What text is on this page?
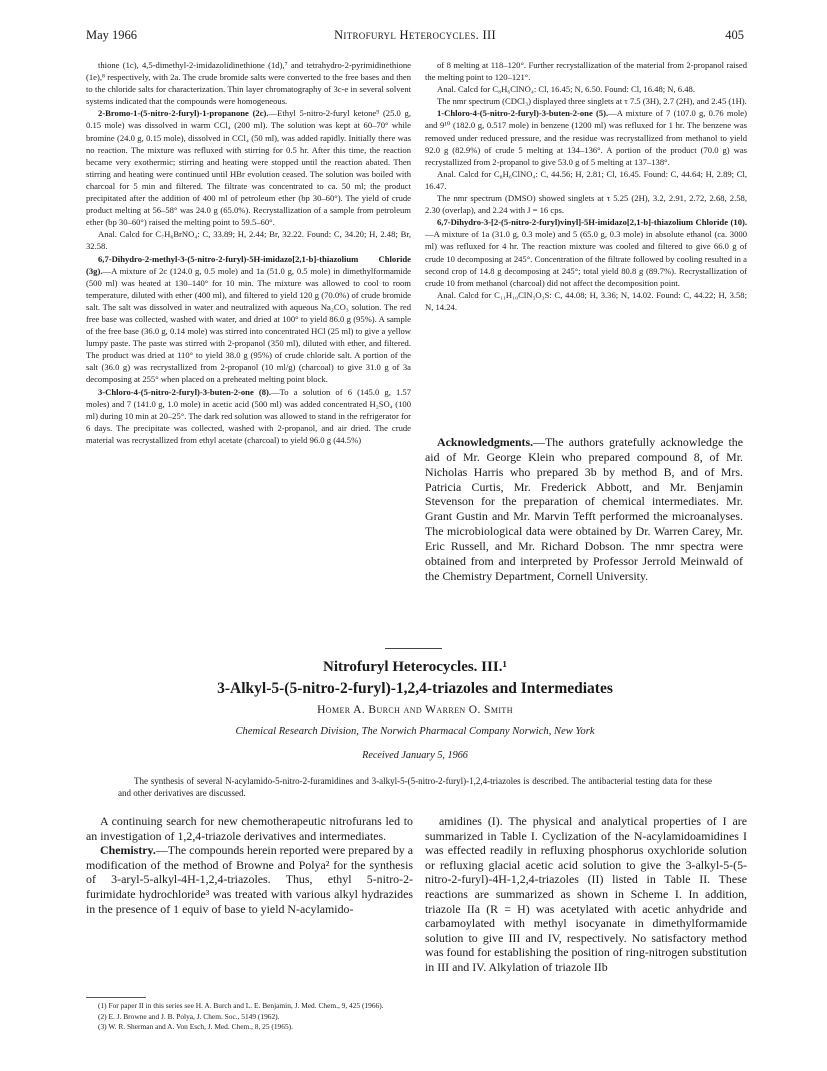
May 1966	Nitrofuryl Heterocycles. III	405

thione (1c), 4,5-dimethyl-2-imidazolidinethione (1d),⁷ and tetrahydro-2-pyrimidinethione (1e),⁸ respectively, with 2a. The crude bromide salts were converted to the free bases and then to the chloride salts for characterization. Thin layer chromatography of 3c-e in several solvent systems indicated that the compounds were homogeneous.

2-Bromo-1-(5-nitro-2-furyl)-1-propanone (2c).—Ethyl 5-nitro-2-furyl ketone⁹ (25.0 g, 0.15 mole) was dissolved in warm CCl₄ (200 ml). The solution was kept at 60–70° while bromine (24.0 g, 0.15 mole), dissolved in CCl₄ (50 ml), was added rapidly. Initially there was no reaction. The mixture was refluxed with stirring for 0.5 hr. After this time, the reaction became very exothermic; stirring and heating were stopped until the reaction abated. Then stirring and heating were continued until HBr evolution ceased. The solution was boiled with charcoal for 5 min and filtered. The filtrate was concentrated to ca. 50 ml; the product precipitated after the addition of 400 ml of petroleum ether (bp 30–60°). The yield of crude product melting at 56–58° was 24.0 g (65.0%). Recrystallization of a sample from petroleum ether (bp 30–60°) raised the melting point to 59.5–60°.

Anal. Calcd for C₇H₆BrNO₄: C, 33.89; H, 2.44; Br, 32.22. Found: C, 34.20; H, 2.48; Br, 32.58.

6,7-Dihydro-2-methyl-3-(5-nitro-2-furyl)-5H-imidazo[2,1-b]-thiazolium Chloride (3g).—A mixture of 2c (124.0 g, 0.5 mole) and 1a (51.0 g, 0.5 mole) in dimethylformamide (500 ml) was heated at 130–140° for 10 min. The mixture was allowed to cool to room temperature, diluted with ether (400 ml), and filtered to yield 120 g (70.0%) of crude bromide salt. The salt was dissolved in water and neutralized with aqueous Na₂CO₃ solution. The red free base was collected, washed with water, and dried at 100° to yield 86.0 g (95%). A sample of the free base (36.0 g, 0.14 mole) was stirred into concentrated HCl (25 ml) to give a yellow lumpy paste. The paste was stirred with 2-propanol (350 ml), diluted with ether, and filtered. The product was dried at 110° to yield 38.0 g (95%) of crude chloride salt. A portion of the salt (36.0 g) was recrystallized from 2-propanol (10 ml/g) (charcoal) to give 31.0 g of 3a decomposing at 255° when placed on a preheated melting point block.

3-Chloro-4-(5-nitro-2-furyl)-3-buten-2-one (8).—To a solution of 6 (145.0 g, 1.57 moles) and 7 (141.0 g, 1.0 mole) in acetic acid (500 ml) was added concentrated H₂SO₄ (100 ml) during 10 min at 20–25°. The dark red solution was allowed to stand in the refrigerator for 6 days. The precipitate was collected, washed with 2-propanol, and air dried. The crude material was recrystallized from ethyl acetate (charcoal) to yield 96.0 g (44.5%)

of 8 melting at 118–120°. Further recrystallization of the material from 2-propanol raised the melting point to 120–121°.

Anal. Calcd for C₈H₆ClNO₄: Cl, 16.45; N, 6.50. Found: Cl, 16.48; N, 6.48.

The nmr spectrum (CDCl₃) displayed three singlets at τ 7.5 (3H), 2.7 (2H), and 2.45 (1H).

1-Chloro-4-(5-nitro-2-furyl)-3-buten-2-one (5).—A mixture of 7 (107.0 g, 0.76 mole) and 9¹⁰ (182.0 g, 0.517 mole) in benzene (1200 ml) was refluxed for 1 hr. The benzene was removed under reduced pressure, and the residue was recrystallized from methanol to yield 92.0 g (82.9%) of crude 5 melting at 134–136°. A portion of the product (70.0 g) was recrystallized from 2-propanol to give 53.0 g of 5 melting at 137–138°.

Anal. Calcd for C₈H₆ClNO₄: C, 44.56; H, 2.81; Cl, 16.45. Found: C, 44.64; H, 2.89; Cl, 16.47.

The nmr spectrum (DMSO) showed singlets at τ 5.25 (2H), 3.2, 2.91, 2.72, 2.68, 2.58, 2.30 (overlap), and 2.24 with J = 16 cps.

6,7-Dihydro-3-[2-(5-nitro-2-furyl)vinyl]-5H-imidazo[2,1-b]-thiazolium Chloride (10).—A mixture of 1a (31.0 g, 0.3 mole) and 5 (65.0 g, 0.3 mole) in absolute ethanol (ca. 3000 ml) was refluxed for 4 hr. The reaction mixture was cooled and filtered to give 66.0 g of crude 10 decomposing at 245°. Concentration of the filtrate followed by cooling resulted in a second crop of 14.8 g decomposing at 245°; total yield 80.8 g (89.7%). Recrystallization of crude 10 from methanol (charcoal) did not affect the decomposition point.

Anal. Calcd for C₁₁H₁₀ClN₃O₃S: C, 44.08; H, 3.36; N, 14.02. Found: C, 44.22; H, 3.58; N, 14.24.

Acknowledgments.—The authors gratefully acknowledge the aid of Mr. George Klein who prepared compound 8, of Mr. Nicholas Harris who prepared 3b by method B, and of Mrs. Patricia Curtis, Mr. Frederick Abbott, and Mr. Benjamin Stevenson for the preparation of chemical intermediates. Mr. Grant Gustin and Mr. Marvin Tefft performed the microanalyses. The microbiological data were obtained by Dr. Warren Carey, Mr. Eric Russell, and Mr. Richard Dobson. The nmr spectra were obtained from and interpreted by Professor Jerrold Meinwald of the Chemistry Department, Cornell University.

Nitrofuryl Heterocycles. III.¹
3-Alkyl-5-(5-nitro-2-furyl)-1,2,4-triazoles and Intermediates
Homer A. Burch and Warren O. Smith
Chemical Research Division, The Norwich Pharmacal Company Norwich, New York
Received January 5, 1966

The synthesis of several N-acylamido-5-nitro-2-furamidines and 3-alkyl-5-(5-nitro-2-furyl)-1,2,4-triazoles is described. The antibacterial testing data for these and other derivatives are discussed.

A continuing search for new chemotherapeutic nitrofurans led to an investigation of 1,2,4-triazole derivatives and intermediates.

Chemistry.—The compounds herein reported were prepared by a modification of the method of Browne and Polya² for the synthesis of 3-aryl-5-alkyl-4H-1,2,4-triazoles. Thus, ethyl 5-nitro-2-furimidate hydrochloride³ was treated with various alkyl hydrazides in the presence of 1 equiv of base to yield N-acylamido-

amidines (I). The physical and analytical properties of I are summarized in Table I. Cyclization of the N-acylamidoamidines I was effected readily in refluxing phosphorus oxychloride solution or refluxing glacial acetic acid solution to give the 3-alkyl-5-(5-nitro-2-furyl)-4H-1,2,4-triazoles (II) listed in Table II. These reactions are summarized as shown in Scheme I. In addition, triazole IIa (R = H) was acetylated with acetic anhydride and carbamoylated with methyl isocyanate in dimethylformamide solution to give III and IV, respectively. No satisfactory method was found for establishing the position of ring-nitrogen substitution in III and IV. Alkylation of triazole IIb

(1) For paper II in this series see H. A. Burch and L. E. Benjamin, J. Med. Chem., 9, 425 (1966).

(2) E. J. Browne and J. B. Polya, J. Chem. Soc., 5149 (1962).

(3) W. R. Sherman and A. Von Esch, J. Med. Chem., 8, 25 (1965).
